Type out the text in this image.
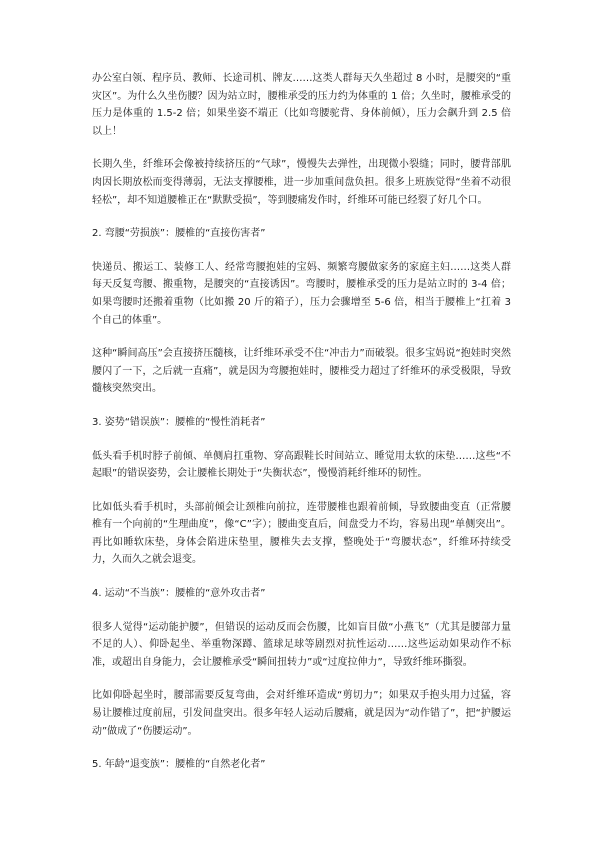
办公室白领、程序员、教师、长途司机、牌友……这类人群每天久坐超过 8 小时，是腰突的“重灾区”。为什么久坐伤腰？因为站立时，腰椎承受的压力约为体重的 1 倍；久坐时，腰椎承受的压力是体重的 1.5-2 倍；如果坐姿不端正（比如弯腰驼背、身体前倾），压力会飙升到 2.5 倍以上！

长期久坐，纤维环会像被持续挤压的“气球”，慢慢失去弹性，出现微小裂缝；同时，腰背部肌肉因长期放松而变得薄弱，无法支撑腰椎，进一步加重间盘负担。很多上班族觉得“坐着不动很轻松”，却不知道腰椎正在“默默受损”，等到腰痛发作时，纤维环可能已经裂了好几个口。

2. 弯腰“劳损族”：腰椎的“直接伤害者”

快递员、搬运工、装修工人、经常弯腰抱娃的宝妈、频繁弯腰做家务的家庭主妇……这类人群每天反复弯腰、搬重物，是腰突的“直接诱因”。弯腰时，腰椎承受的压力是站立时的 3-4 倍；如果弯腰时还搬着重物（比如搬 20 斤的箱子），压力会骤增至 5-6 倍，相当于腰椎上“扛着 3 个自己的体重”。

这种“瞬间高压”会直接挤压髓核，让纤维环承受不住“冲击力”而破裂。很多宝妈说“抱娃时突然腰闪了一下，之后就一直痛”，就是因为弯腰抱娃时，腰椎受力超过了纤维环的承受极限，导致髓核突然突出。

3. 姿势“错误族”：腰椎的“慢性消耗者”

低头看手机时脖子前倾、单侧肩扛重物、穿高跟鞋长时间站立、睡觉用太软的床垫……这些“不起眼”的错误姿势，会让腰椎长期处于“失衡状态”，慢慢消耗纤维环的韧性。

比如低头看手机时，头部前倾会让颈椎向前拉，连带腰椎也跟着前倾，导致腰曲变直（正常腰椎有一个向前的“生理曲度”，像“C”字）；腰曲变直后，间盘受力不均，容易出现“单侧突出”。再比如睡软床垫，身体会陷进床垫里，腰椎失去支撑，整晚处于“弯腰状态”，纤维环持续受力，久而久之就会退变。

4. 运动“不当族”：腰椎的“意外攻击者”

很多人觉得“运动能护腰”，但错误的运动反而会伤腰，比如盲目做“小燕飞”（尤其是腰部力量不足的人）、仰卧起坐、举重物深蹲、篮球足球等剧烈对抗性运动……这些运动如果动作不标准，或超出自身能力，会让腰椎承受“瞬间扭转力”或“过度拉伸力”，导致纤维环撕裂。

比如仰卧起坐时，腰部需要反复弯曲，会对纤维环造成“剪切力”；如果双手抱头用力过猛，容易让腰椎过度前屈，引发间盘突出。很多年轻人运动后腰痛，就是因为“动作错了”，把“护腰运动”做成了“伤腰运动”。

5. 年龄“退变族”：腰椎的“自然老化者”
